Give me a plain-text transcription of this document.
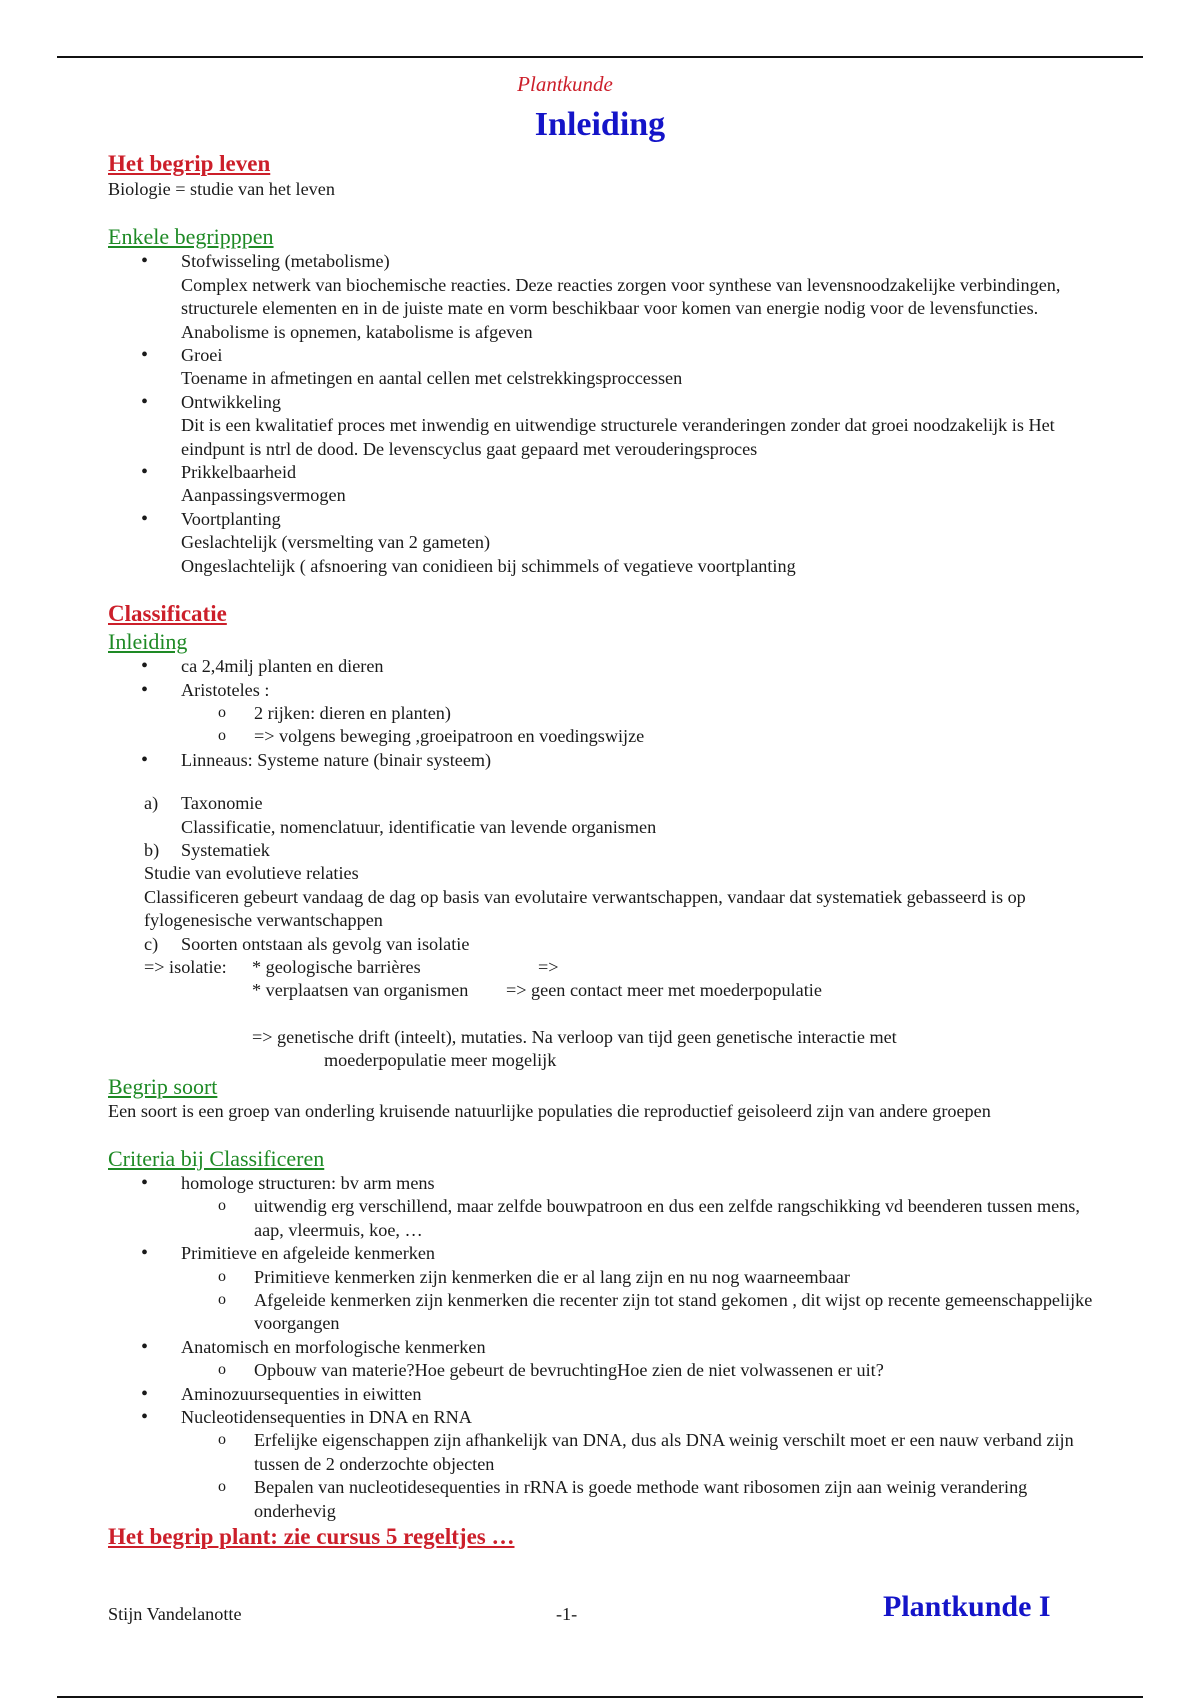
Plantkunde
Inleiding
Het begrip leven
Biologie = studie van het leven
Enkele begripppen
• Stofwisseling (metabolisme)
Complex netwerk van biochemische reacties. Deze reacties zorgen voor synthese van levensnoodzakelijke verbindingen, structurele elementen en in de juiste mate en vorm beschikbaar voor komen van energie nodig voor de levensfuncties. Anabolisme is opnemen, katabolisme is afgeven
• Groei
Toename in afmetingen en aantal cellen met celstrekkingsproccessen
• Ontwikkeling
Dit is een kwalitatief proces met inwendig en uitwendige structurele veranderingen zonder dat groei noodzakelijk is Het eindpunt is ntrl de dood. De levenscyclus gaat gepaard met verouderingsproces
• Prikkelbaarheid
Aanpassingsvermogen
• Voortplanting
Geslachtelijk (versmelting van 2 gameten)
Ongeslachtelijk ( afsnoering van conidieen bij schimmels of vegatieve voortplanting
Classificatie
Inleiding
• ca 2,4milj planten en dieren
• Aristoteles :
o 2 rijken: dieren en planten)
o => volgens beweging ,groeipatroon en voedingswijze
• Linneaus: Systeme nature (binair systeem)
a) Taxonomie
Classificatie, nomenclatuur, identificatie van levende organismen
b) Systematiek
Studie van evolutieve relaties
Classificeren gebeurt vandaag de dag op basis van evolutaire verwantschappen, vandaar dat systematiek gebasseerd is op fylogenesische verwantschappen
c) Soorten ontstaan als gevolg van isolatie
=> isolatie: * geologische barrières	=>
* verplaatsen van organismen => geen contact meer met moederpopulatie
=> genetische drift (inteelt), mutaties. Na verloop van tijd geen genetische interactie met
moederpopulatie meer mogelijk
Begrip soort
Een soort is een groep van onderling kruisende natuurlijke populaties die reproductief geisoleerd zijn van andere groepen
Criteria bij Classificeren
• homologe structuren: bv arm mens
o uitwendig erg verschillend, maar zelfde bouwpatroon en dus een zelfde rangschikking vd beenderen tussen mens, aap, vleermuis, koe, …
• Primitieve en afgeleide kenmerken
o Primitieve kenmerken zijn kenmerken die er al lang zijn en nu nog waarneembaar
o Afgeleide kenmerken zijn kenmerken die recenter zijn tot stand gekomen , dit wijst op recente gemeenschappelijke voorgangen
• Anatomisch en morfologische kenmerken
o Opbouw van materie?Hoe gebeurt de bevruchtingHoe zien de niet volwassenen er uit?
• Aminozuursequenties in eiwitten
• Nucleotidensequenties in DNA en RNA
o Erfelijke eigenschappen zijn afhankelijk van DNA, dus als DNA weinig verschilt moet er een nauw verband zijn tussen de 2 onderzochte objecten
o Bepalen van nucleotidesequenties in rRNA is goede methode want ribosomen zijn aan weinig verandering onderhevig
Het begrip plant: zie cursus 5 regeltjes …
Stijn Vandelanotte	-1-	Plantkunde I
